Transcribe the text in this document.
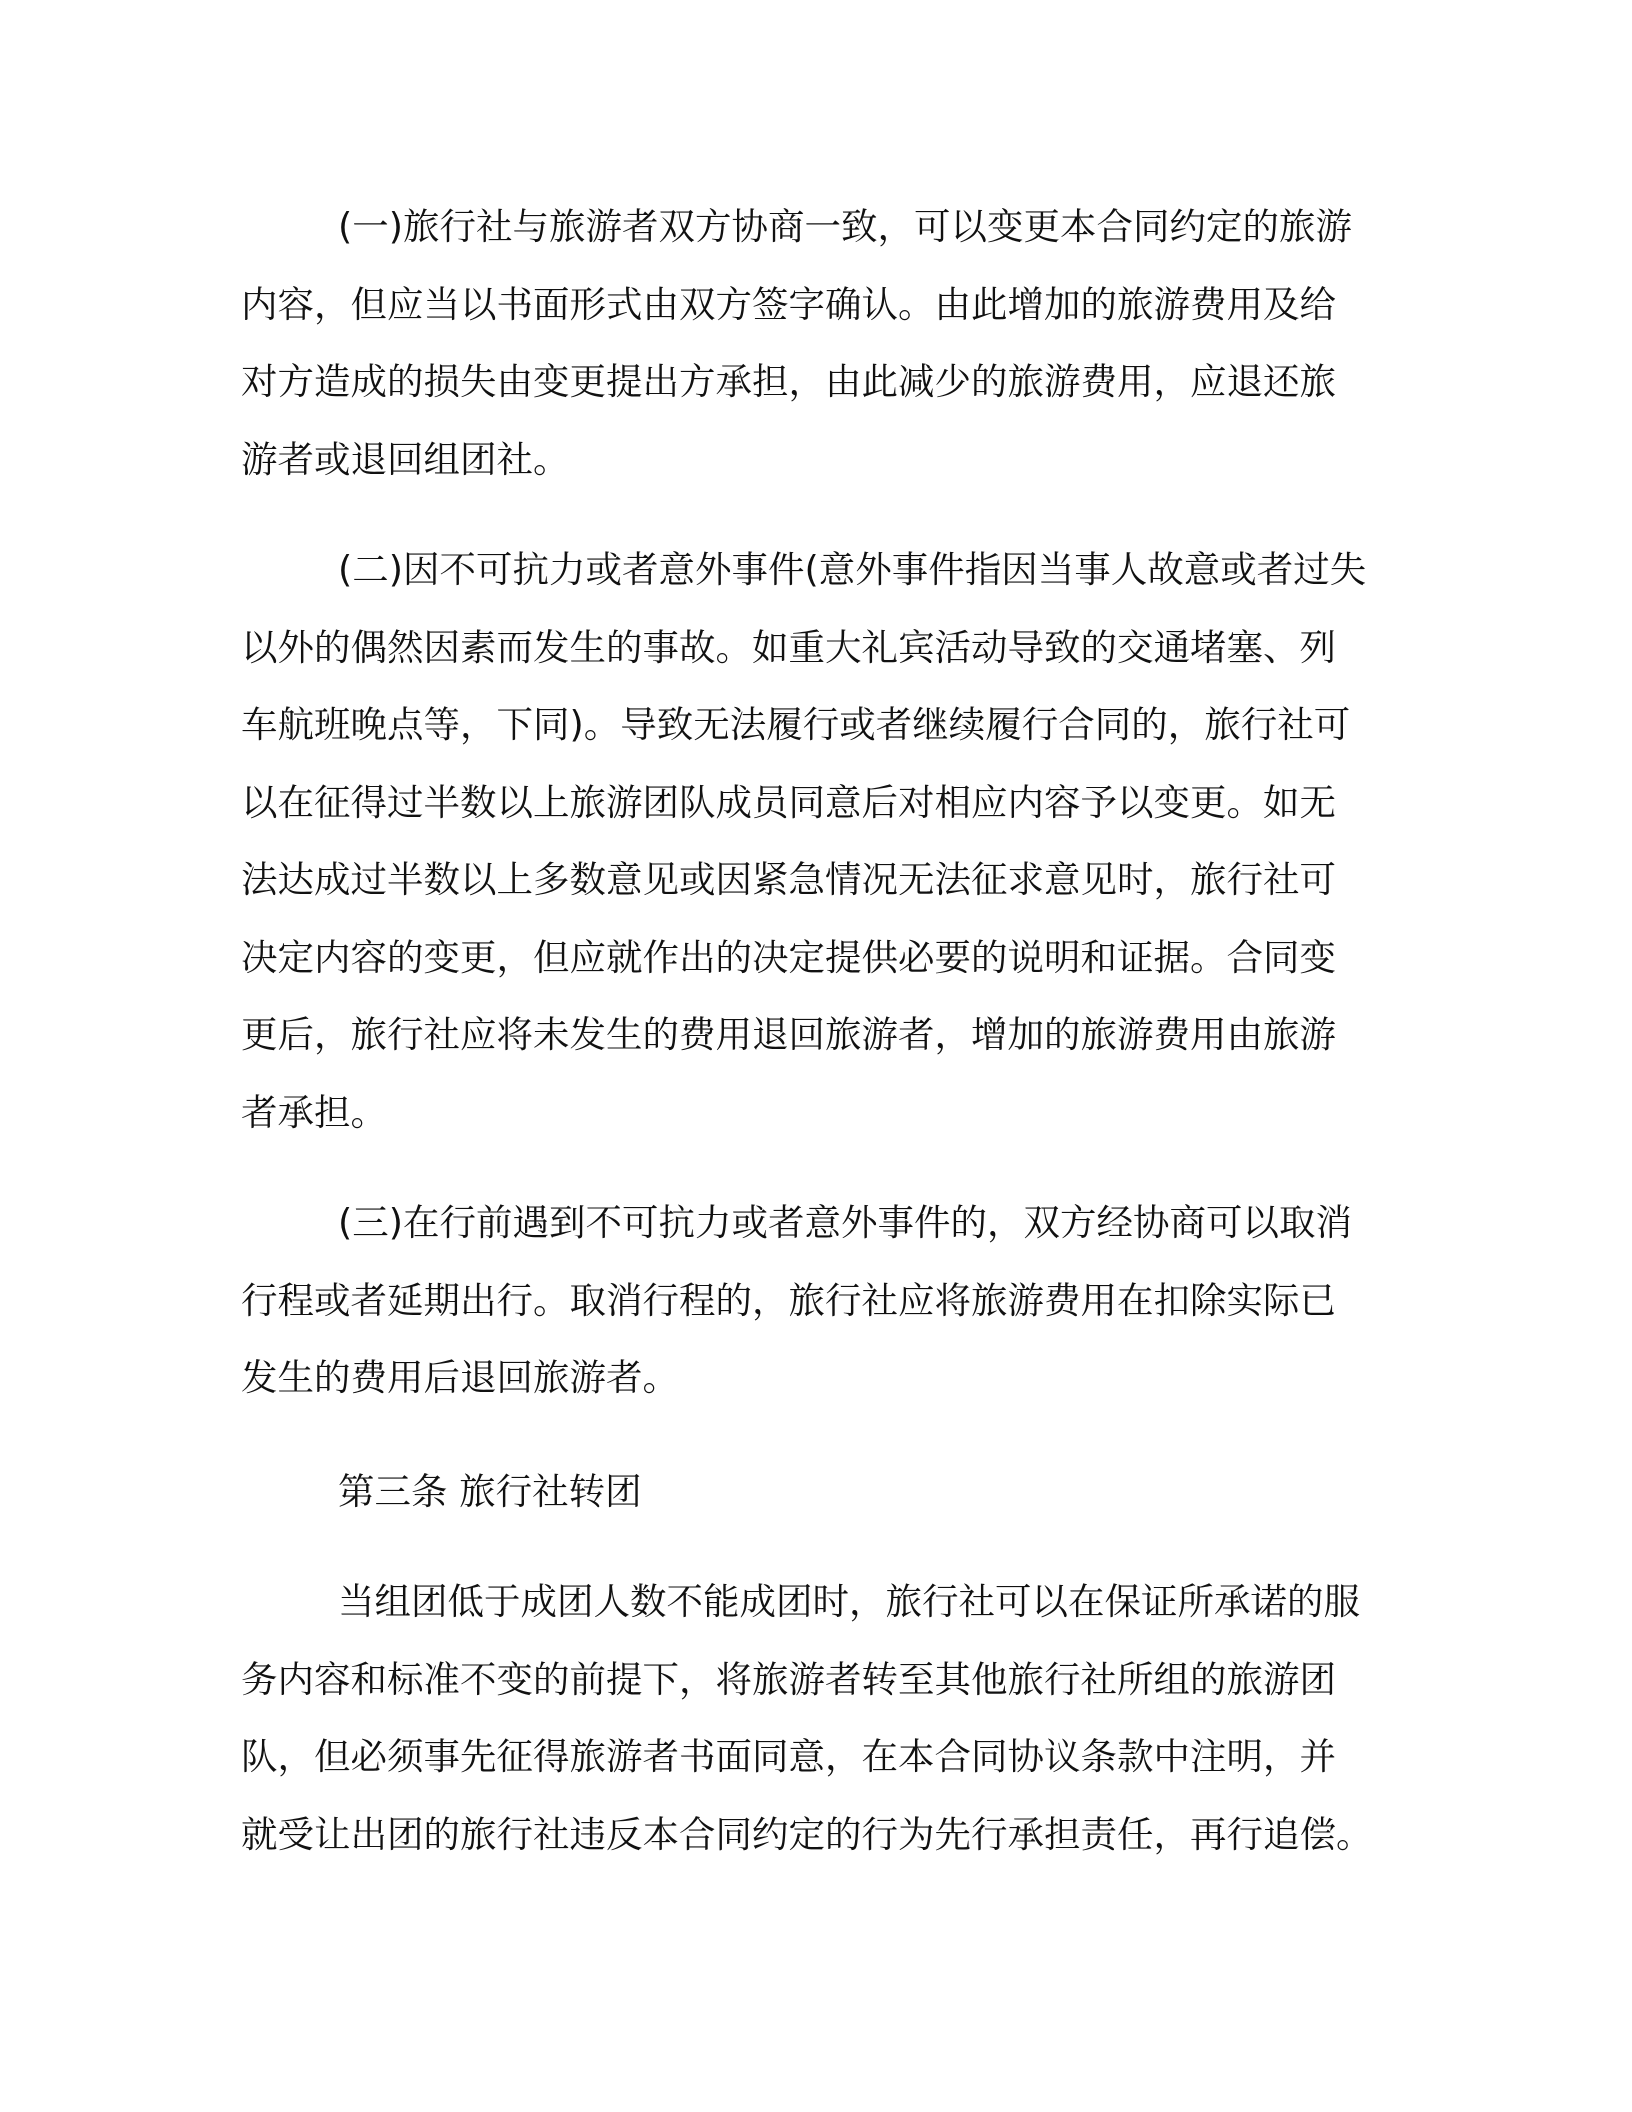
(一)旅行社与旅游者双方协商一致，可以变更本合同约定的旅游
内容，但应当以书面形式由双方签字确认。由此增加的旅游费用及给
对方造成的损失由变更提出方承担，由此减少的旅游费用，应退还旅
游者或退回组团社。

(二)因不可抗力或者意外事件(意外事件指因当事人故意或者过失
以外的偶然因素而发生的事故。如重大礼宾活动导致的交通堵塞、列
车航班晚点等，下同)。导致无法履行或者继续履行合同的，旅行社可
以在征得过半数以上旅游团队成员同意后对相应内容予以变更。如无
法达成过半数以上多数意见或因紧急情况无法征求意见时，旅行社可
决定内容的变更，但应就作出的决定提供必要的说明和证据。合同变
更后，旅行社应将未发生的费用退回旅游者，增加的旅游费用由旅游
者承担。

(三)在行前遇到不可抗力或者意外事件的，双方经协商可以取消
行程或者延期出行。取消行程的，旅行社应将旅游费用在扣除实际已
发生的费用后退回旅游者。

第三条 旅行社转团

当组团低于成团人数不能成团时，旅行社可以在保证所承诺的服
务内容和标准不变的前提下，将旅游者转至其他旅行社所组的旅游团
队，但必须事先征得旅游者书面同意，在本合同协议条款中注明，并
就受让出团的旅行社违反本合同约定的行为先行承担责任，再行追偿。
